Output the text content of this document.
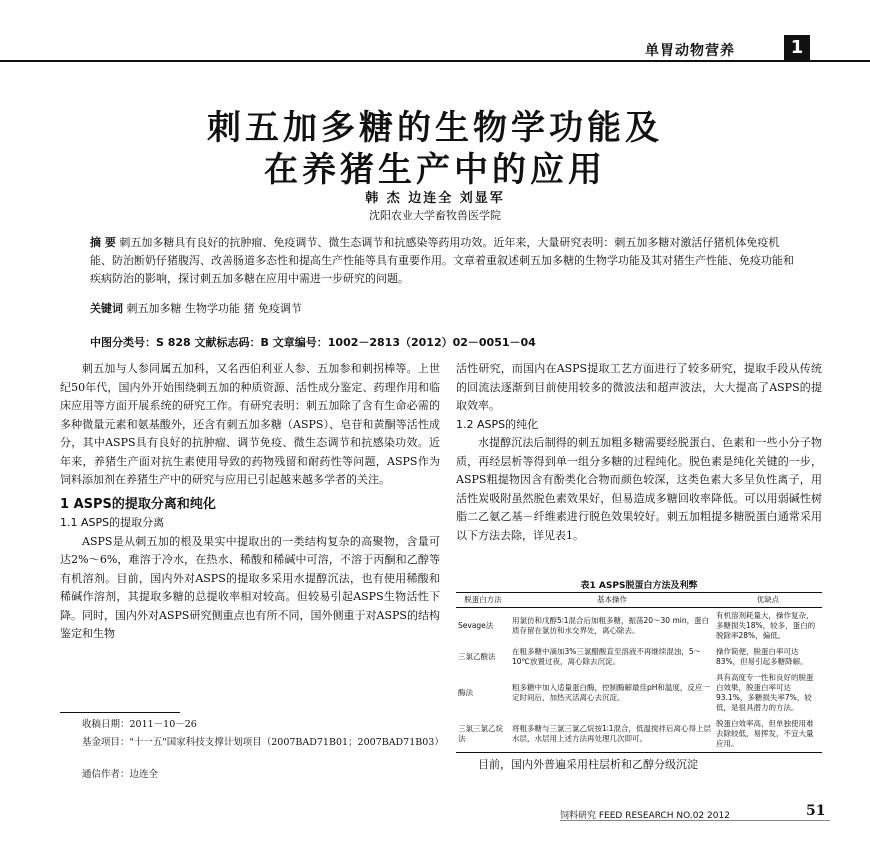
单胃动物营养	1
刺五加多糖的生物学功能及
在养猪生产中的应用
韩 杰 边连全 刘显军
沈阳农业大学畜牧兽医学院
摘 要 刺五加多糖具有良好的抗肿瘤、免疫调节、微生态调节和抗感染等药用功效。近年来，大量研究表明：刺五加多糖对激活仔猪机体免疫机能、防治断奶仔猪腹泻、改善肠道多态性和提高生产性能等具有重要作用。文章着重叙述刺五加多糖的生物学功能及其对猪生产性能、免疫功能和疾病防治的影响，探讨刺五加多糖在应用中需进一步研究的问题。
关键词 刺五加多糖 生物学功能 猪 免疫调节
中图分类号：S 828 文献标志码：B 文章编号：1002－2813（2012）02－0051－04

刺五加与人参同属五加科，又名西伯利亚人参、五加参和刺拐棒等。上世纪50年代，国内外开始围绕刺五加的种质资源、活性成分鉴定、药理作用和临床应用等方面开展系统的研究工作。有研究表明：刺五加除了含有生命必需的多种微量元素和氨基酸外，还含有刺五加多糖（ASPS）、皂苷和黄酮等活性成分，其中ASPS具有良好的抗肿瘤、调节免疫、微生态调节和抗感染功效。近年来，养猪生产面对抗生素使用导致的药物残留和耐药性等问题，ASPS作为饲料添加剂在养猪生产中的研究与应用已引起越来越多学者的关注。

1 ASPS的提取分离和纯化
1.1 ASPS的提取分离

ASPS是从刺五加的根及果实中提取出的一类结构复杂的高聚物，含量可达2%～6%，难溶于冷水，在热水、稀酸和稀碱中可溶，不溶于丙酮和乙醇等有机溶剂。目前，国内外对ASPS的提取多采用水提醇沉法，也有使用稀酸和稀碱作溶剂，其提取多糖的总提收率相对较高。但较易引起ASPS生物活性下降。同时，国内外对ASPS研究侧重点也有所不同，国外侧重于对ASPS的结构鉴定和生物

收稿日期：2011－10－26
基金项目："十一五"国家科技支撑计划项目（2007BAD71B01；2007BAD71B03）
通信作者：边连全

活性研究，而国内在ASPS提取工艺方面进行了较多研究，提取手段从传统的回流法逐渐到目前使用较多的微波法和超声波法，大大提高了ASPS的提取效率。

1.2 ASPS的纯化

水提醇沉法后制得的刺五加粗多糖需要经脱蛋白、色素和一些小分子物质，再经层析等得到单一组分多糖的过程纯化。脱色素是纯化关键的一步，ASPS粗提物因含有酚类化合物而颜色较深，这类色素大多呈负性离子，用活性炭吸附虽然脱色素效果好，但易造成多糖回收率降低。可以用弱碱性树脂二乙氨乙基－纤维素进行脱色效果较好。刺五加粗提多糖脱蛋白通常采用以下方法去除，详见表1。

表1 ASPS脱蛋白方法及利弊
脱蛋白方法	基本操作	优缺点
Sevage法	用氯仿和戊醇5∶1混合后加粗多糖，振荡20～30 min，蛋白质存留在氯仿和水交界处，离心除去。	有机溶剂耗量大，操作复杂，多糖损失18%，较多，蛋白的脱除率28%，偏低。
三氯乙酸法	在粗多糖中滴加3%三氯醋酸直至溶液不再继续混浊，5～10℃放置过夜，离心除去沉淀。	操作简便，脱蛋白率可达83%，但易引起多糖降解。
酶法	粗多糖中加入适量蛋白酶，控制酶解最佳pH和温度，反应一定时间后，加热灭活离心去沉淀。	具有高度专一性和良好的脱蛋白效果，脱蛋白率可达93.1%，多糖损失率7%，较低，是很具潜力的方法。
三氯三氯乙烷法	将粗多糖与三氯三氯乙烷按1∶1混合，低温搅拌后离心得上层水层，水层用上述方法再处理几次即可。	脱蛋白效率高，但单独使用难去除较低，易挥发，不宜大量应用。
目前，国内外普遍采用柱层析和乙醇分级沉淀
饲料研究 FEED RESEARCH NO.02 2012	51
